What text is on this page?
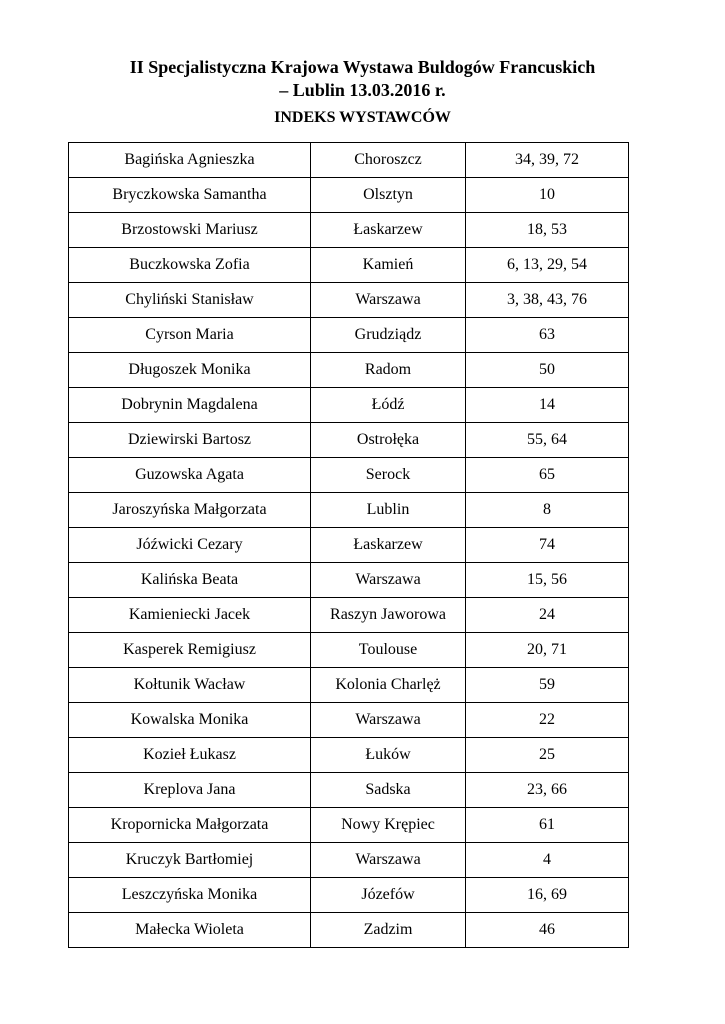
II Specjalistyczna Krajowa Wystawa Buldogów Francuskich
– Lublin 13.03.2016 r.
INDEKS WYSTAWCÓW
Bagińska Agnieszka	Choroszcz	34, 39, 72
Bryczkowska Samantha	Olsztyn	10
Brzostowski Mariusz	Łaskarzew	18, 53
Buczkowska Zofia	Kamień	6, 13, 29, 54
Chyliński Stanisław	Warszawa	3, 38, 43, 76
Cyrson Maria	Grudziądz	63
Długoszek Monika	Radom	50
Dobrynin Magdalena	Łódź	14
Dziewirski Bartosz	Ostrołęka	55, 64
Guzowska Agata	Serock	65
Jaroszyńska Małgorzata	Lublin	8
Jóźwicki Cezary	Łaskarzew	74
Kalińska Beata	Warszawa	15, 56
Kamieniecki Jacek	Raszyn Jaworowa	24
Kasperek Remigiusz	Toulouse	20, 71
Kołtunik Wacław	Kolonia Charlęż	59
Kowalska Monika	Warszawa	22
Kozieł Łukasz	Łuków	25
Kreplova Jana	Sadska	23, 66
Kropornicka Małgorzata	Nowy Krępiec	61
Kruczyk Bartłomiej	Warszawa	4
Leszczyńska Monika	Józefów	16, 69
Małecka Wioleta	Zadzim	46
